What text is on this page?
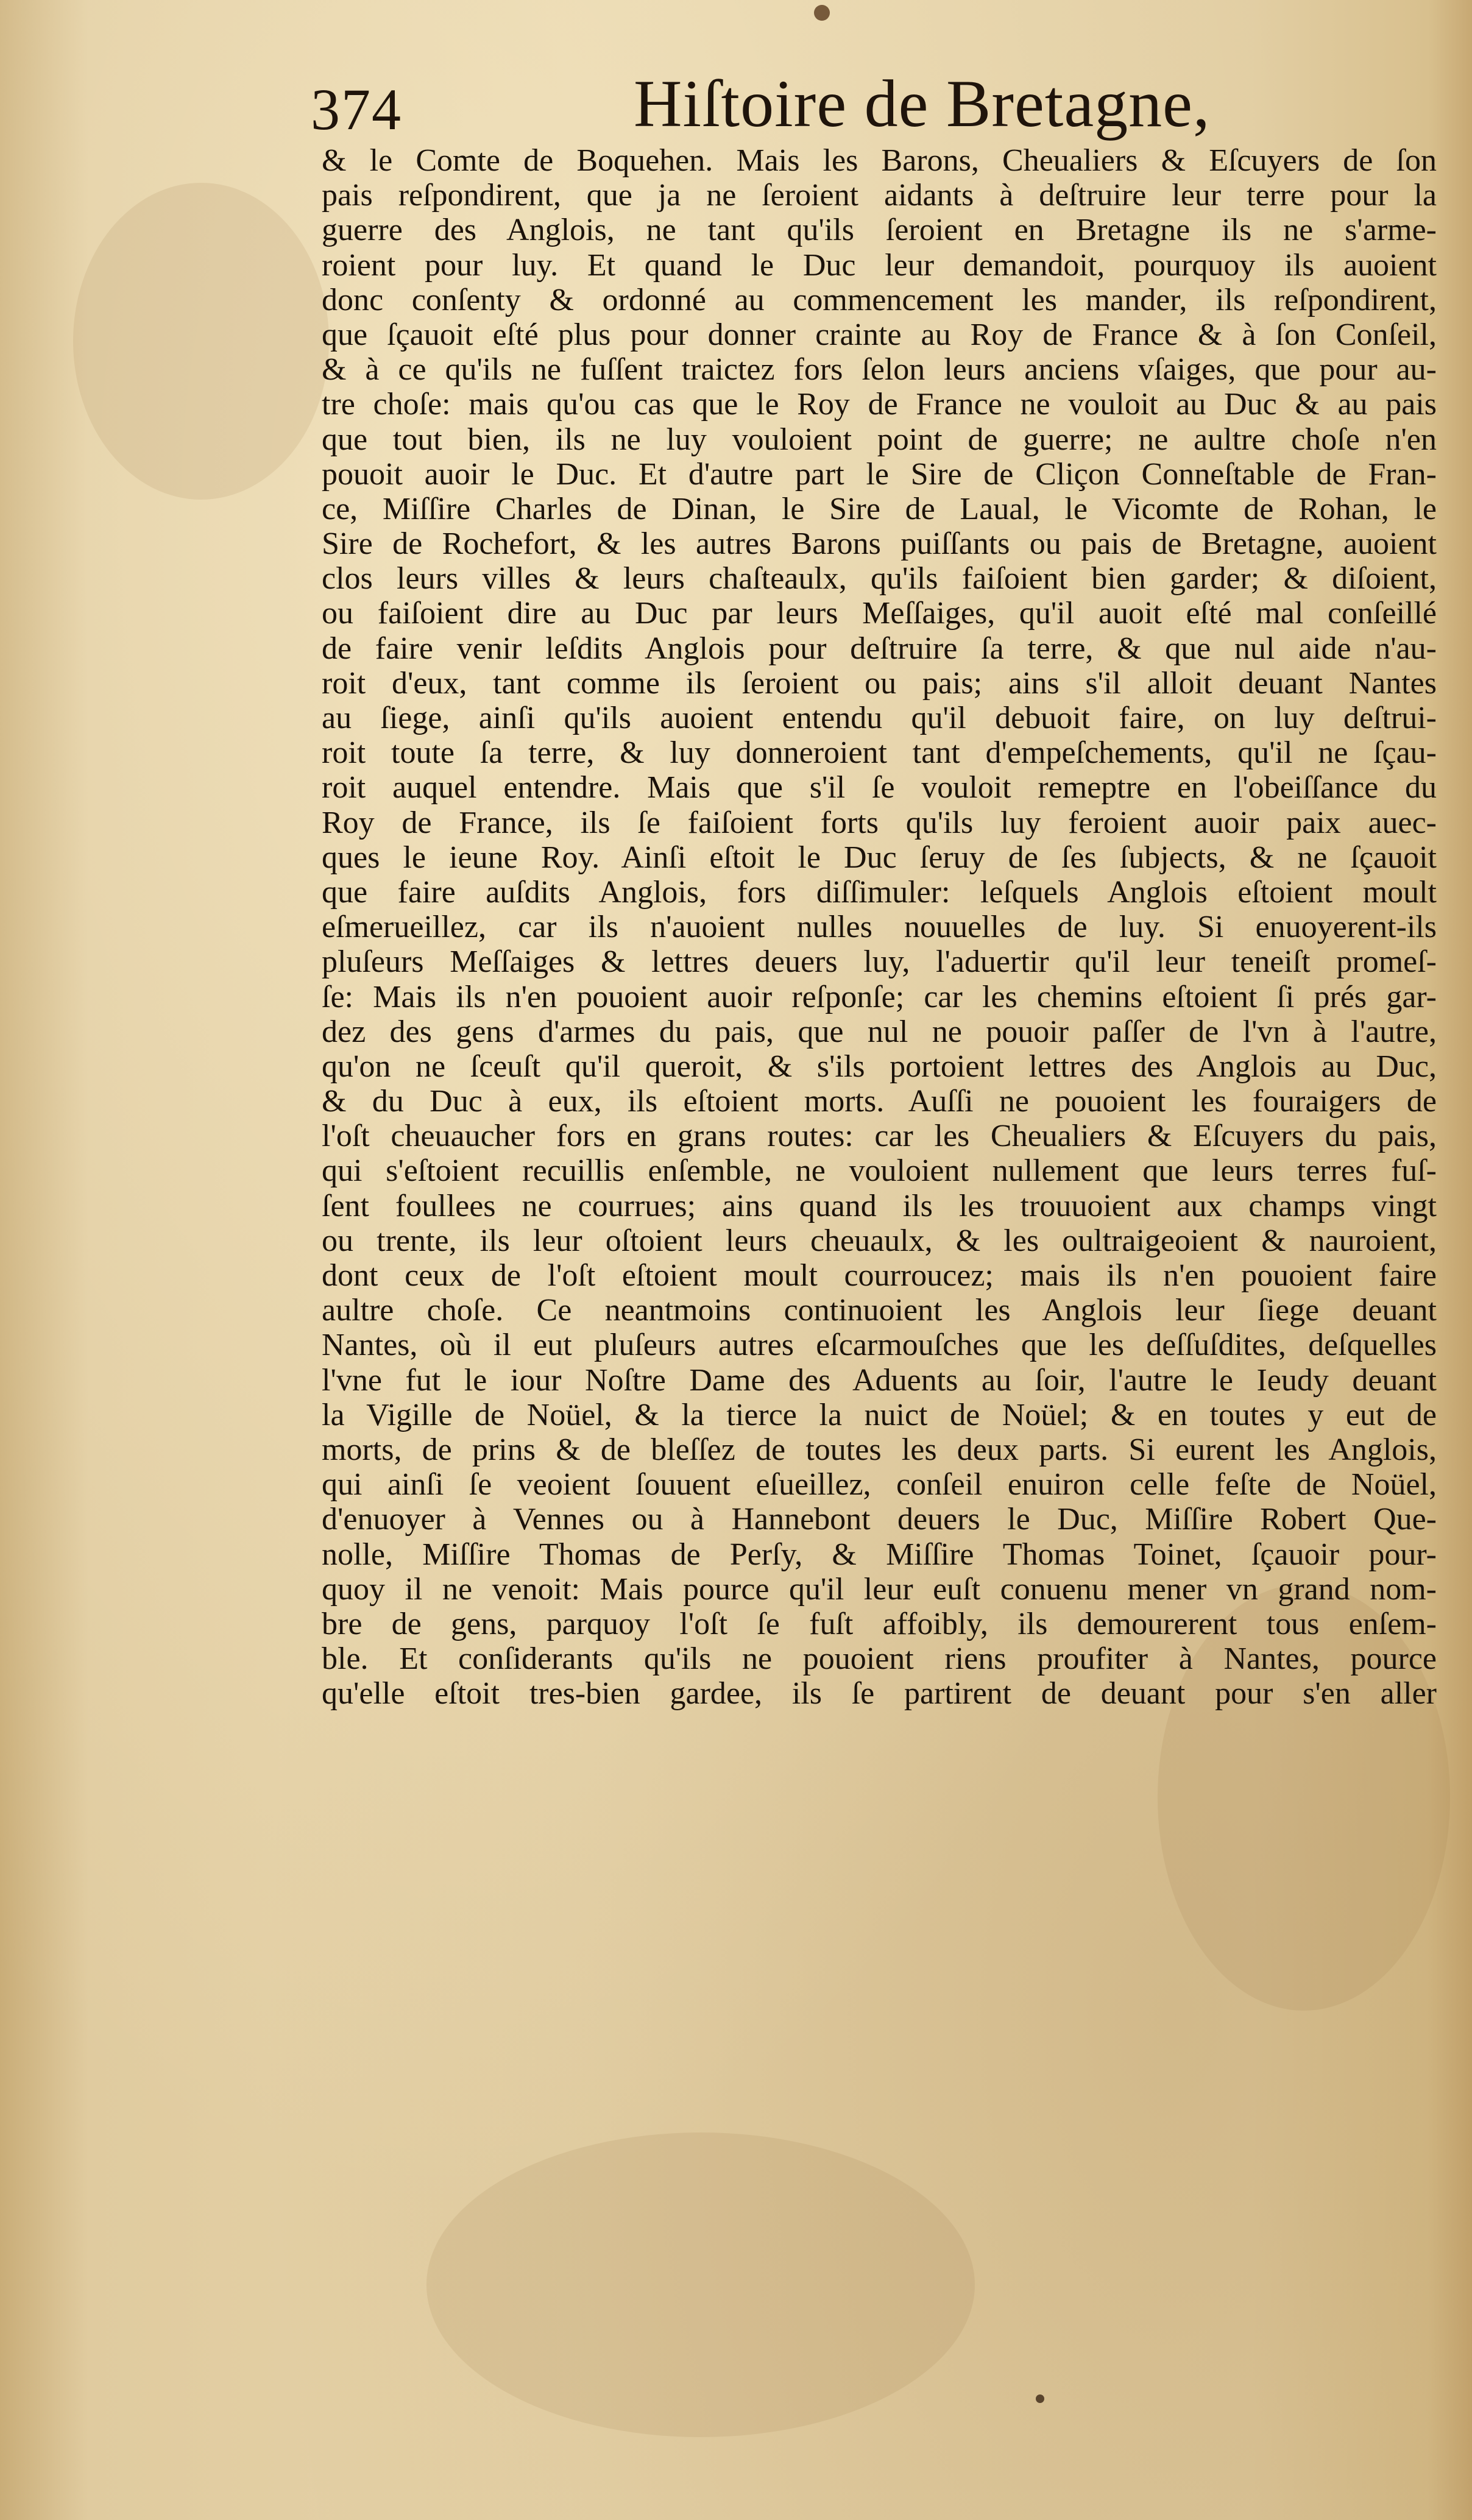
374	Hiſtoire de Bretagne,
& le Comte de Boquehen. Mais les Barons, Cheualiers & Eſcuyers de ſon
pais reſpondirent, que ja ne ſeroient aidants à deſtruire leur terre pour la
guerre des Anglois, ne tant qu'ils ſeroient en Bretagne ils ne s'arme-
roient pour luy. Et quand le Duc leur demandoit, pourquoy ils auoient
donc conſenty & ordonné au commencement les mander, ils reſpondirent,
que ſçauoit eſté plus pour donner crainte au Roy de France & à ſon Conſeil,
& à ce qu'ils ne fuſſent traictez fors ſelon leurs anciens vſaiges, que pour au-
tre choſe: mais qu'ou cas que le Roy de France ne vouloit au Duc & au pais
que tout bien, ils ne luy vouloient point de guerre; ne aultre choſe n'en
pouoit auoir le Duc. Et d'autre part le Sire de Cliçon Conneſtable de Fran-
ce, Miſſire Charles de Dinan, le Sire de Laual, le Vicomte de Rohan, le
Sire de Rochefort, & les autres Barons puiſſants ou pais de Bretagne, auoient
clos leurs villes & leurs chaſteaulx, qu'ils faiſoient bien garder; & diſoient,
ou faiſoient dire au Duc par leurs Meſſaiges, qu'il auoit eſté mal conſeillé
de faire venir leſdits Anglois pour deſtruire ſa terre, & que nul aide n'au-
roit d'eux, tant comme ils ſeroient ou pais; ains s'il alloit deuant Nantes
au ſiege, ainſi qu'ils auoient entendu qu'il debuoit faire, on luy deſtrui-
roit toute ſa terre, & luy donneroient tant d'empeſchements, qu'il ne ſçau-
roit auquel entendre. Mais que s'il ſe vouloit remeptre en l'obeiſſance du
Roy de France, ils ſe faiſoient forts qu'ils luy feroient auoir paix auec-
ques le ieune Roy. Ainſi eſtoit le Duc ſeruy de ſes ſubjects, & ne ſçauoit
que faire auſdits Anglois, fors diſſimuler: leſquels Anglois eſtoient moult
eſmerueillez, car ils n'auoient nulles nouuelles de luy. Si enuoyerent-ils
pluſeurs Meſſaiges & lettres deuers luy, l'aduertir qu'il leur teneiſt promeſ-
ſe: Mais ils n'en pouoient auoir reſponſe; car les chemins eſtoient ſi prés gar-
dez des gens d'armes du pais, que nul ne pouoir paſſer de l'vn à l'autre,
qu'on ne ſceuſt qu'il queroit, & s'ils portoient lettres des Anglois au Duc,
& du Duc à eux, ils eſtoient morts. Auſſi ne pouoient les fouraigers de
l'oſt cheuaucher fors en grans routes: car les Cheualiers & Eſcuyers du pais,
qui s'eſtoient recuillis enſemble, ne vouloient nullement que leurs terres fuſ-
ſent foullees ne courrues; ains quand ils les trouuoient aux champs vingt
ou trente, ils leur oſtoient leurs cheuaulx, & les oultraigeoient & nauroient,
dont ceux de l'oſt eſtoient moult courroucez; mais ils n'en pouoient faire
aultre choſe. Ce neantmoins continuoient les Anglois leur ſiege deuant
Nantes, où il eut pluſeurs autres eſcarmouſches que les deſſuſdites, deſquelles
l'vne fut le iour Noſtre Dame des Aduents au ſoir, l'autre le Ieudy deuant
la Vigille de Noüel, & la tierce la nuict de Noüel; & en toutes y eut de
morts, de prins & de bleſſez de toutes les deux parts. Si eurent les Anglois,
qui ainſi ſe veoient ſouuent eſueillez, conſeil enuiron celle feſte de Noüel,
d'enuoyer à Vennes ou à Hannebont deuers le Duc, Miſſire Robert Que-
nolle, Miſſire Thomas de Perſy, & Miſſire Thomas Toinet, ſçauoir pour-
quoy il ne venoit: Mais pource qu'il leur euſt conuenu mener vn grand nom-
bre de gens, parquoy l'oſt ſe fuſt affoibly, ils demourerent tous enſem-
ble. Et conſiderants qu'ils ne pouoient riens proufiter à Nantes, pource
qu'elle eſtoit tres-bien gardee, ils ſe partirent de deuant pour s'en aller
